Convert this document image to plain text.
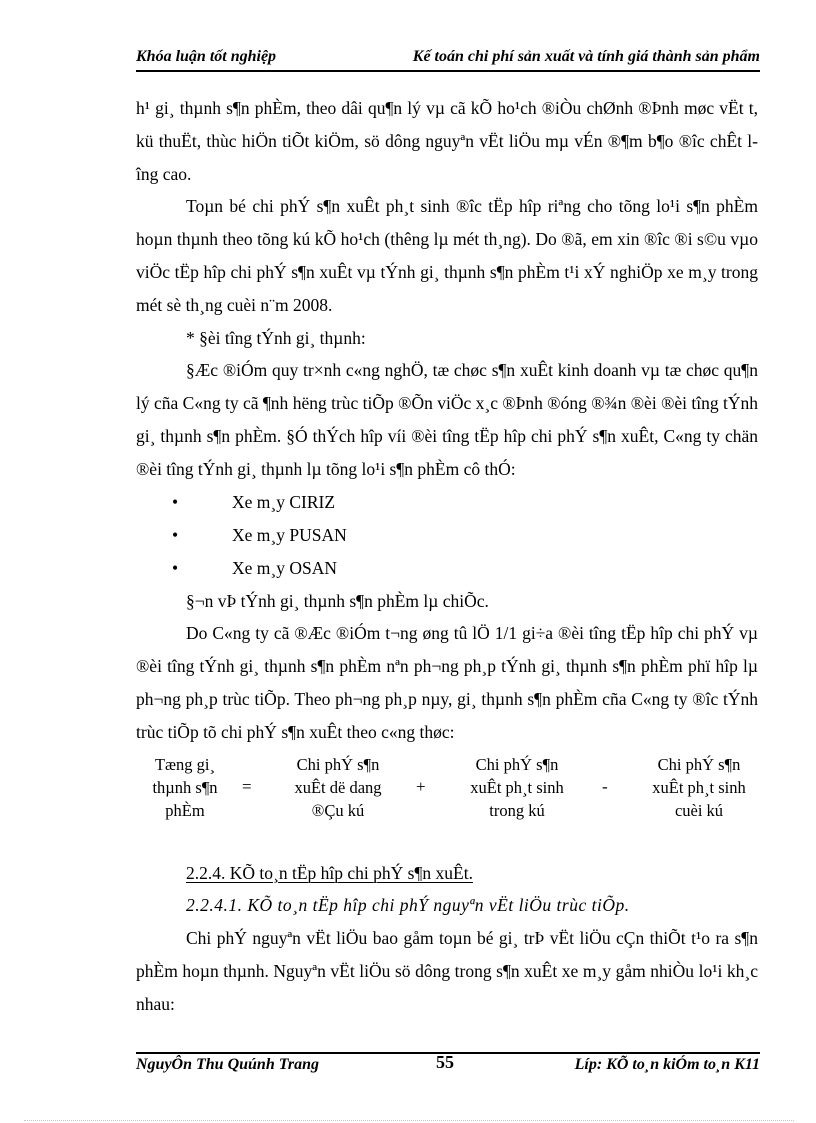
Khóa luận tốt nghiệp	Kế toán chi phí sản xuất và tính giá thành sản phẩm

h¹ gi¸ thµnh s¶n phÈm, theo dâi qu¶n lý vµ cã kÕ ho¹ch ®iÒu chØnh ®Þnh møc vËt t, kü thuËt, thùc hiÖn tiÕt kiÖm, sö dông nguyªn vËt liÖu mµ vÉn ®¶m b¶o ®îc chÊt lîng cao.

Toµn bé chi phÝ s¶n xuÊt ph¸t sinh ®îc tËp hîp riªng cho tõng lo¹i s¶n phÈm hoµn thµnh theo tõng kú kÕ ho¹ch (thêng lµ mét th¸ng). Do ®ã, em xin ®îc ®i s©u vµo viÖc tËp hîp chi phÝ s¶n xuÊt vµ tÝnh gi¸ thµnh s¶n phÈm t¹i xÝ nghiÖp xe m¸y trong mét sè th¸ng cuèi n¨m 2008.

* §èi tîng tÝnh gi¸ thµnh:

§Æc ®iÓm quy tr×nh c«ng nghÖ, tæ chøc s¶n xuÊt kinh doanh vµ tæ chøc qu¶n lý cña C«ng ty cã ¶nh hëng trùc tiÕp ®Õn viÖc x¸c ®Þnh ®óng ®¾n ®èi ®èi tîng tÝnh gi¸ thµnh s¶n phÈm. §Ó thÝch hîp víi ®èi tîng tËp hîp chi phÝ s¶n xuÊt, C«ng ty chän ®èi tîng tÝnh gi¸ thµnh lµ tõng lo¹i s¶n phÈm cô thÓ:

•	Xe m¸y CIRIZ
•	Xe m¸y PUSAN
•	Xe m¸y OSAN

§¬n vÞ tÝnh gi¸ thµnh s¶n phÈm lµ chiÕc.

Do C«ng ty cã ®Æc ®iÓm t¬ng øng tû lÖ 1/1 gi÷a ®èi tîng tËp hîp chi phÝ vµ ®èi tîng tÝnh gi¸ thµnh s¶n phÈm nªn ph¬ng ph¸p tÝnh gi¸ thµnh s¶n phÈm phï hîp lµ ph¬ng ph¸p trùc tiÕp. Theo ph¬ng ph¸p nµy, gi¸ thµnh s¶n phÈm cña C«ng ty ®îc tÝnh trùc tiÕp tõ chi phÝ s¶n xuÊt theo c«ng thøc:

Tæng gi¸
thµnh s¶n
phÈm
=
Chi phÝ s¶n
xuÊt dë dang
®Çu kú
+
Chi phÝ s¶n
xuÊt ph¸t sinh
trong kú
-
Chi phÝ s¶n
xuÊt ph¸t sinh
cuèi kú

2.2.4. KÕ to¸n tËp hîp chi phÝ s¶n xuÊt.

2.2.4.1. KÕ to¸n tËp hîp chi phÝ nguyªn vËt liÖu trùc tiÕp.

Chi phÝ nguyªn vËt liÖu bao gåm toµn bé gi¸ trÞ vËt liÖu cÇn thiÕt t¹o ra s¶n phÈm hoµn thµnh. Nguyªn vËt liÖu sö dông trong s¶n xuÊt xe m¸y gåm nhiÒu lo¹i kh¸c nhau:

NguyÔn Thu Quúnh Trang	55	Líp: KÕ to¸n kiÓm to¸n K11
